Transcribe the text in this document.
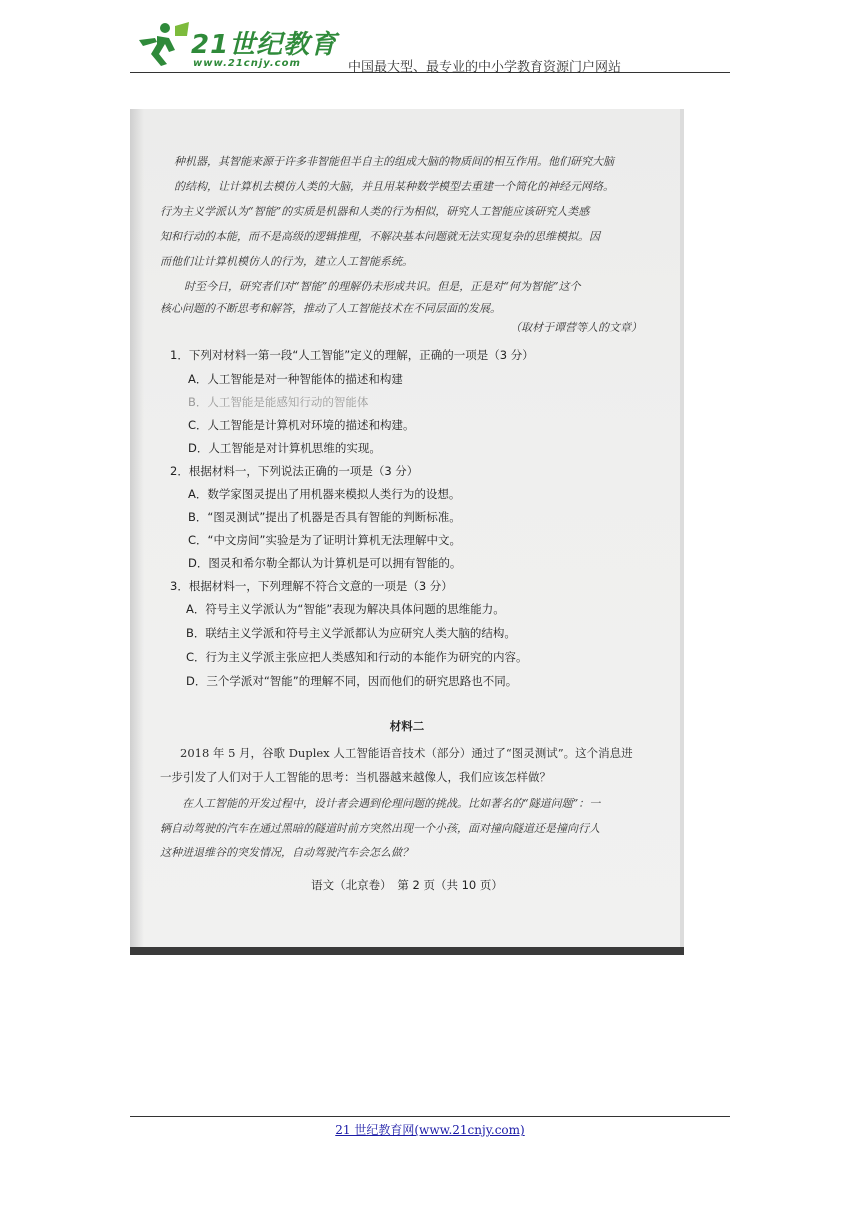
21世纪教育
www.21cnjy.com	中国最大型、最专业的中小学教育资源门户网站
种机器，其智能来源于许多非智能但半自主的组成大脑的物质间的相互作用。他们研究大脑
的结构，让计算机去模仿人类的大脑，并且用某种数学模型去重建一个简化的神经元网络。
行为主义学派认为“智能”的实质是机器和人类的行为相似，研究人工智能应该研究人类感
知和行动的本能，而不是高级的逻辑推理，不解决基本问题就无法实现复杂的思维模拟。因
而他们让计算机模仿人的行为，建立人工智能系统。
时至今日，研究者们对“智能”的理解仍未形成共识。但是，正是对“何为智能”这个
核心问题的不断思考和解答，推动了人工智能技术在不同层面的发展。
（取材于谭营等人的文章）
1．下列对材料一第一段“人工智能”定义的理解，正确的一项是（3 分）
A．人工智能是对一种智能体的描述和构建
B．人工智能是能感知行动的智能体
C．人工智能是计算机对环境的描述和构建。
D．人工智能是对计算机思维的实现。
2．根据材料一，下列说法正确的一项是（3 分）
A．数学家图灵提出了用机器来模拟人类行为的设想。
B．“图灵测试”提出了机器是否具有智能的判断标准。
C．“中文房间”实验是为了证明计算机无法理解中文。
D．图灵和希尔勒全都认为计算机是可以拥有智能的。
3．根据材料一，下列理解不符合文意的一项是（3 分）
A．符号主义学派认为“智能”表现为解决具体问题的思维能力。
B．联结主义学派和符号主义学派都认为应研究人类大脑的结构。
C．行为主义学派主张应把人类感知和行动的本能作为研究的内容。
D．三个学派对“智能”的理解不同，因而他们的研究思路也不同。
材料二
2018 年 5 月，谷歌 Duplex 人工智能语音技术（部分）通过了“图灵测试”。这个消息进
一步引发了人们对于人工智能的思考：当机器越来越像人，我们应该怎样做？
在人工智能的开发过程中，设计者会遇到伦理问题的挑战。比如著名的“隧道问题”：一
辆自动驾驶的汽车在通过黑暗的隧道时前方突然出现一个小孩，面对撞向隧道还是撞向行人
这种进退维谷的突发情况，自动驾驶汽车会怎么做？
语文（北京卷）　第 2 页（共 10 页）
21 世纪教育网(www.21cnjy.com)
